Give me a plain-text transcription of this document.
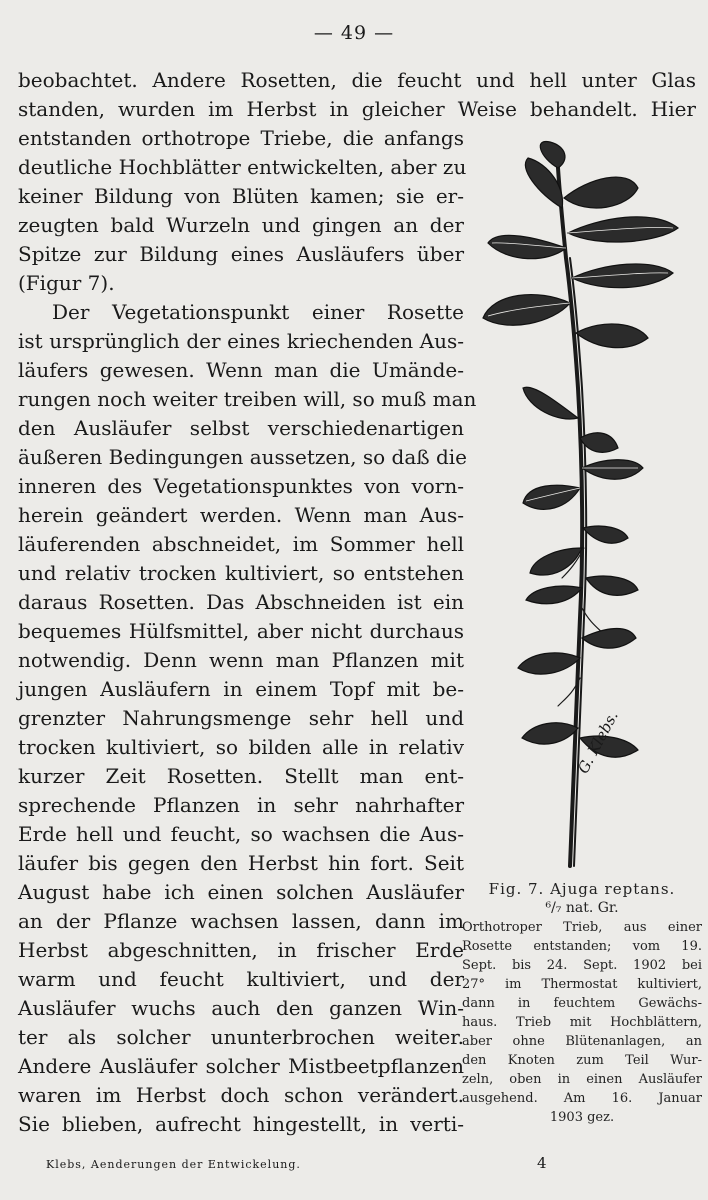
— 49 —
beobachtet. Andere Rosetten, die feucht und hell unter Glas
standen, wurden im Herbst in gleicher Weise behandelt. Hier
entstanden orthotrope Triebe, die anfangs
deutliche Hochblätter entwickelten, aber zu
keiner Bildung von Blüten kamen; sie er-
zeugten bald Wurzeln und gingen an der
Spitze zur Bildung eines Ausläufers über
(Figur 7).
Der Vegetationspunkt einer Rosette
ist ursprünglich der eines kriechenden Aus-
läufers gewesen. Wenn man die Umände-
rungen noch weiter treiben will, so muß man
den Ausläufer selbst verschiedenartigen
äußeren Bedingungen aussetzen, so daß die
inneren des Vegetationspunktes von vorn-
herein geändert werden. Wenn man Aus-
läuferenden abschneidet, im Sommer hell
und relativ trocken kultiviert, so entstehen
daraus Rosetten. Das Abschneiden ist ein
bequemes Hülfsmittel, aber nicht durchaus
notwendig. Denn wenn man Pflanzen mit
jungen Ausläufern in einem Topf mit be-
grenzter Nahrungsmenge sehr hell und
trocken kultiviert, so bilden alle in relativ
kurzer Zeit Rosetten. Stellt man ent-
sprechende Pflanzen in sehr nahrhafter
Erde hell und feucht, so wachsen die Aus-
läufer bis gegen den Herbst hin fort. Seit
August habe ich einen solchen Ausläufer
an der Pflanze wachsen lassen, dann im
Herbst abgeschnitten, in frischer Erde
warm und feucht kultiviert, und der
Ausläufer wuchs auch den ganzen Win-
ter als solcher ununterbrochen weiter.
Andere Ausläufer solcher Mistbeetpflanzen
waren im Herbst doch schon verändert.
Sie blieben, aufrecht hingestellt, in verti-
G. Klebs.
Fig. 7. Ajuga reptans.
⁶/₇ nat. Gr.
Orthotroper Trieb, aus einer
Rosette entstanden; vom 19.
Sept. bis 24. Sept. 1902 bei
27° im Thermostat kultiviert,
dann in feuchtem Gewächs-
haus. Trieb mit Hochblättern,
aber ohne Blütenanlagen, an
den Knoten zum Teil Wur-
zeln, oben in einen Ausläufer
ausgehend. Am 16. Januar
1903 gez.
Klebs, Aenderungen der Entwickelung.	4
